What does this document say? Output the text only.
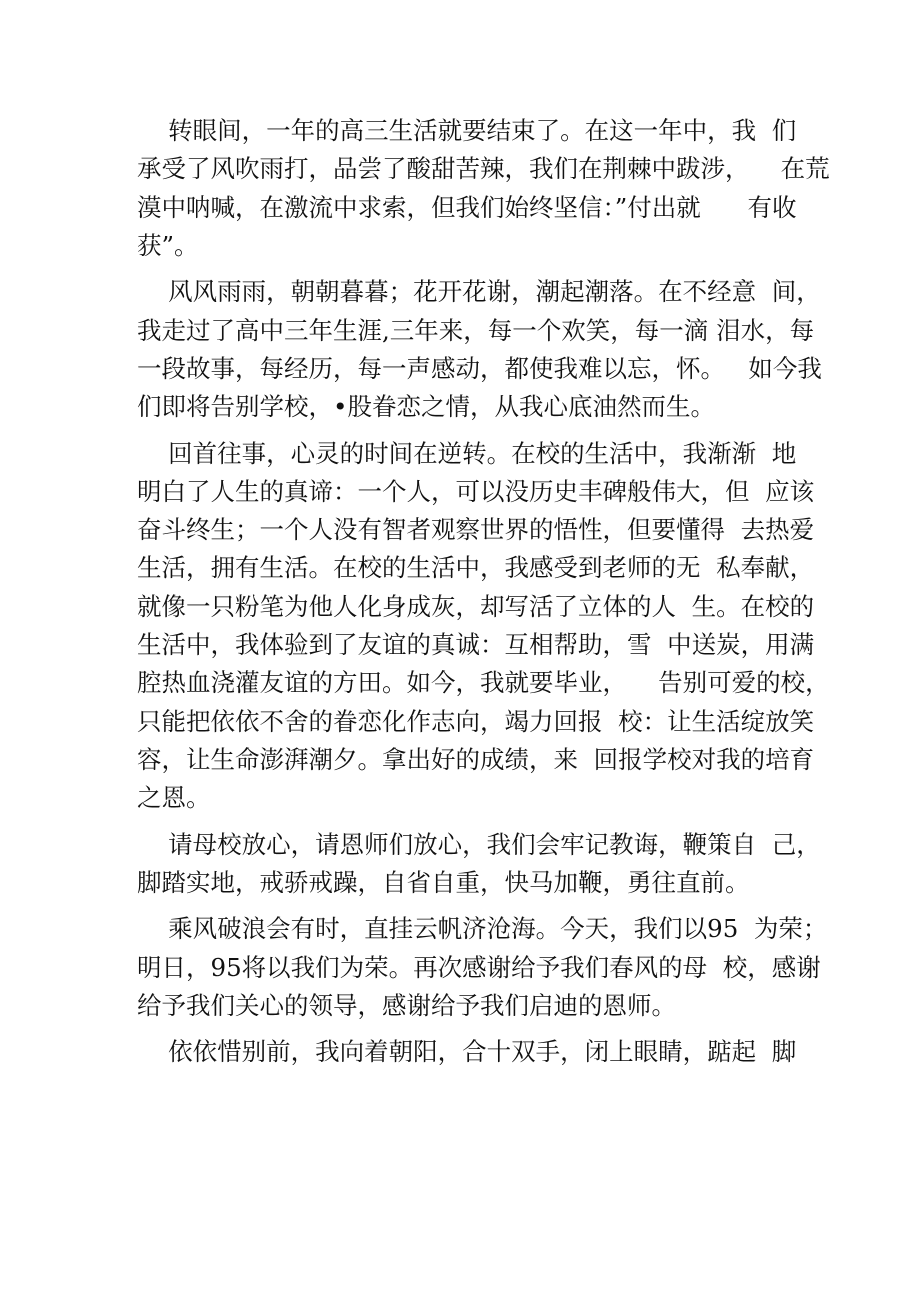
转眼间，一年的高三生活就要结束了。在这一年中，我  们
承受了风吹雨打，品尝了酸甜苦辣，我们在荆棘中跋涉，    在荒
漠中呐喊，在激流中求索，但我们始终坚信：”付出就      有收
获”。

风风雨雨，朝朝暮暮；花开花谢，潮起潮落。在不经意  间，
我走过了高中三年生涯,三年来，每一个欢笑，每一滴 泪水，每
一段故事，每经历，每一声感动，都使我难以忘，怀。   如今我
们即将告别学校，•股眷恋之情，从我心底油然而生。

回首往事，心灵的时间在逆转。在校的生活中，我渐渐  地
明白了人生的真谛：一个人，可以没历史丰碑般伟大，但  应该
奋斗终生；一个人没有智者观察世界的悟性，但要懂得  去热爱
生活，拥有生活。在校的生活中，我感受到老师的无  私奉献，
就像一只粉笔为他人化身成灰，却写活了立体的人  生。在校的
生活中，我体验到了友谊的真诚：互相帮助，雪  中送炭，用满
腔热血浇灌友谊的方田。如今，我就要毕业，    告别可爱的校，
只能把依依不舍的眷恋化作志向，竭力回报  校：让生活绽放笑
容，让生命澎湃潮夕。拿出好的成绩，来  回报学校对我的培育
之恩。

请母校放心，请恩师们放心，我们会牢记教诲，鞭策自  己，
脚踏实地，戒骄戒躁，自省自重，快马加鞭，勇往直前。

乘风破浪会有时，直挂云帆济沧海。今天，我们以95  为荣；
明日，95将以我们为荣。再次感谢给予我们春风的母  校，感谢
给予我们关心的领导，感谢给予我们启迪的恩师。

依依惜别前，我向着朝阳，合十双手，闭上眼睛，踮起  脚
